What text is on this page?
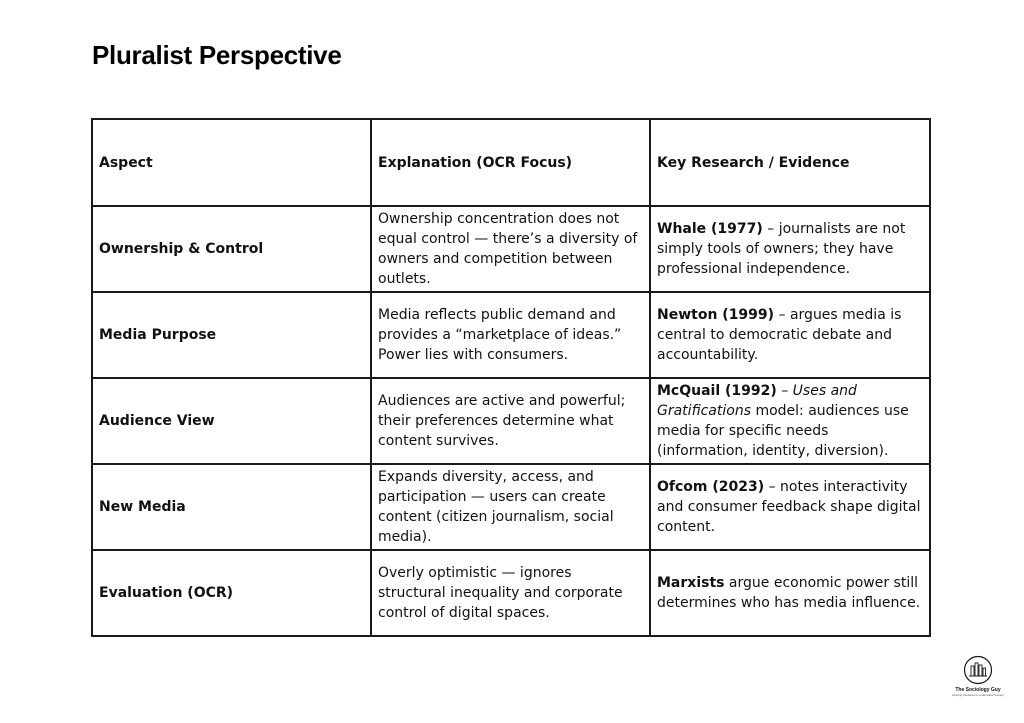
Pluralist Perspective
Aspect	Explanation (OCR Focus)	Key Research / Evidence
Ownership & Control	Ownership concentration does not equal control — there’s a diversity of owners and competition between outlets.	Whale (1977) – journalists are not simply tools of owners; they have professional independence.
Media Purpose	Media reflects public demand and provides a “marketplace of ideas.” Power lies with consumers.	Newton (1999) – argues media is central to democratic debate and accountability.
Audience View	Audiences are active and powerful; their preferences determine what content survives.	McQuail (1992) – Uses and Gratifications model: audiences use media for specific needs (information, identity, diversion).
New Media	Expands diversity, access, and participation — users can create content (citizen journalism, social media).	Ofcom (2023) – notes interactivity and consumer feedback shape digital content.
Evaluation (OCR)	Overly optimistic — ignores structural inequality and corporate control of digital spaces.	Marxists argue economic power still determines who has media influence.
The Sociology Guy
Helping students to understand society
